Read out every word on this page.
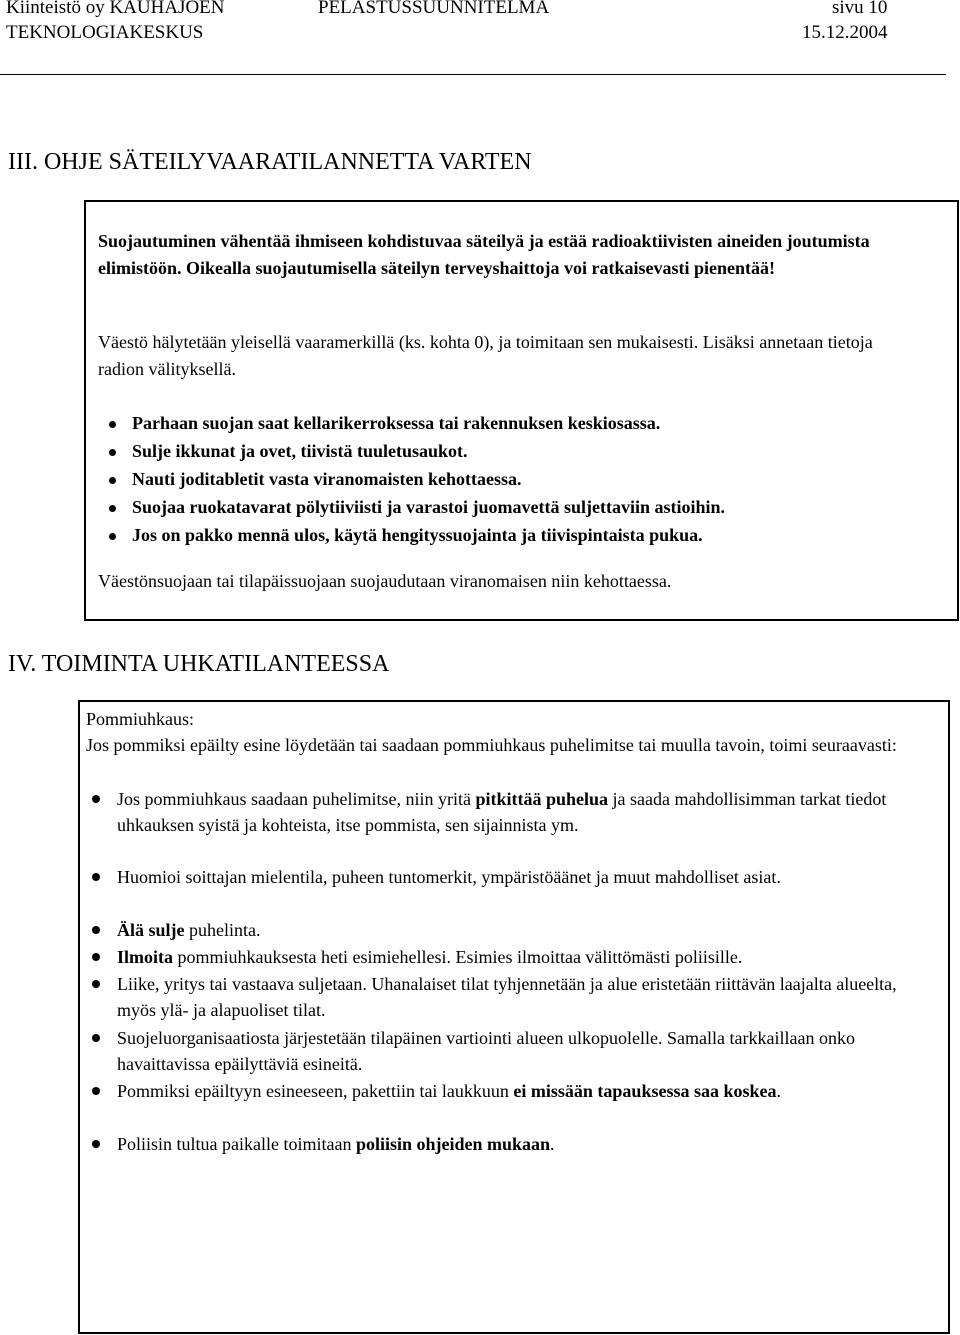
Kiinteistö oy KAUHAJOEN
TEKNOLOGIAKESKUS
PELASTUSSUUNNITELMA	sivu 10
15.12.2004
III. OHJE SÄTEILYVAARATILANNETTA VARTEN
Suojautuminen vähentää ihmiseen kohdistuvaa säteilyä ja estää radioaktiivisten aineiden joutumista elimistöön. Oikealla suojautumisella säteilyn terveyshaittoja voi ratkaisevasti pienentää!
Väestö hälytetään yleisellä vaaramerkillä (ks. kohta 0), ja toimitaan sen mukaisesti. Lisäksi annetaan tietoja radion välityksellä.
Parhaan suojan saat kellarikerroksessa tai rakennuksen keskiosassa.
Sulje ikkunat ja ovet, tiivistä tuuletusaukot.
Nauti joditabletit vasta viranomaisten kehottaessa.
Suojaa ruokatavarat pölytiiviisti ja varastoi juomavettä suljettaviin astioihin.
Jos on pakko mennä ulos, käytä hengityssuojainta ja tiivispintaista pukua.
Väestönsuojaan tai tilapäissuojaan suojaudutaan viranomaisen niin kehottaessa.
IV. TOIMINTA UHKATILANTEESSA
Pommiuhkaus:
Jos pommiksi epäilty esine löydetään tai saadaan pommiuhkaus puhelimitse tai muulla tavoin, toimi seuraavasti:
Jos pommiuhkaus saadaan puhelimitse, niin yritä pitkittää puhelua ja saada mahdollisimman tarkat tiedot uhkauksen syistä ja kohteista, itse pommista, sen sijainnista ym.
Huomioi soittajan mielentila, puheen tuntomerkit, ympäristöäänet ja muut mahdolliset asiat.
Älä sulje puhelinta.
Ilmoita pommiuhkauksesta heti esimiehellesi. Esimies ilmoittaa välittömästi poliisille.
Liike, yritys tai vastaava suljetaan. Uhanalaiset tilat tyhjennetään ja alue eristetään riittävän laajalta alueelta, myös ylä- ja alapuoliset tilat.
Suojeluorganisaatiosta järjestetään tilapäinen vartiointi alueen ulkopuolelle. Samalla tarkkaillaan onko havaittavissa epäilyttäviä esineitä.
Pommiksi epäiltyyn esineeseen, pakettiin tai laukkuun ei missään tapauksessa saa koskea.
Poliisin tultua paikalle toimitaan poliisin ohjeiden mukaan.
